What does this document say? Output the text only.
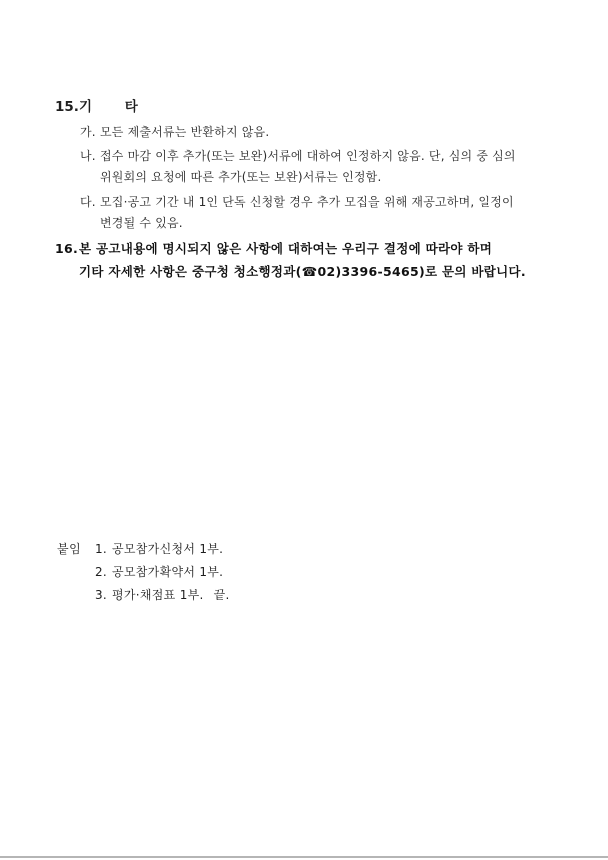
15.기 타
가. 모든 제출서류는 반환하지 않음.
나. 접수 마감 이후 추가(또는 보완)서류에 대하여 인정하지 않음. 단, 심의 중 심의
위원회의 요청에 따른 추가(또는 보완)서류는 인정함.
다. 모집·공고 기간 내 1인 단독 신청할 경우 추가 모집을 위해 재공고하며, 일정이
변경될 수 있음.
16.본 공고내용에 명시되지 않은 사항에 대하여는 우리구 결정에 따라야 하며
기타 자세한 사항은 중구청 청소행정과(☎02)3396-5465)로 문의 바랍니다.
붙임 1. 공모참가신청서 1부.
2. 공모참가확약서 1부.
3. 평가·채점표 1부. 끝.
